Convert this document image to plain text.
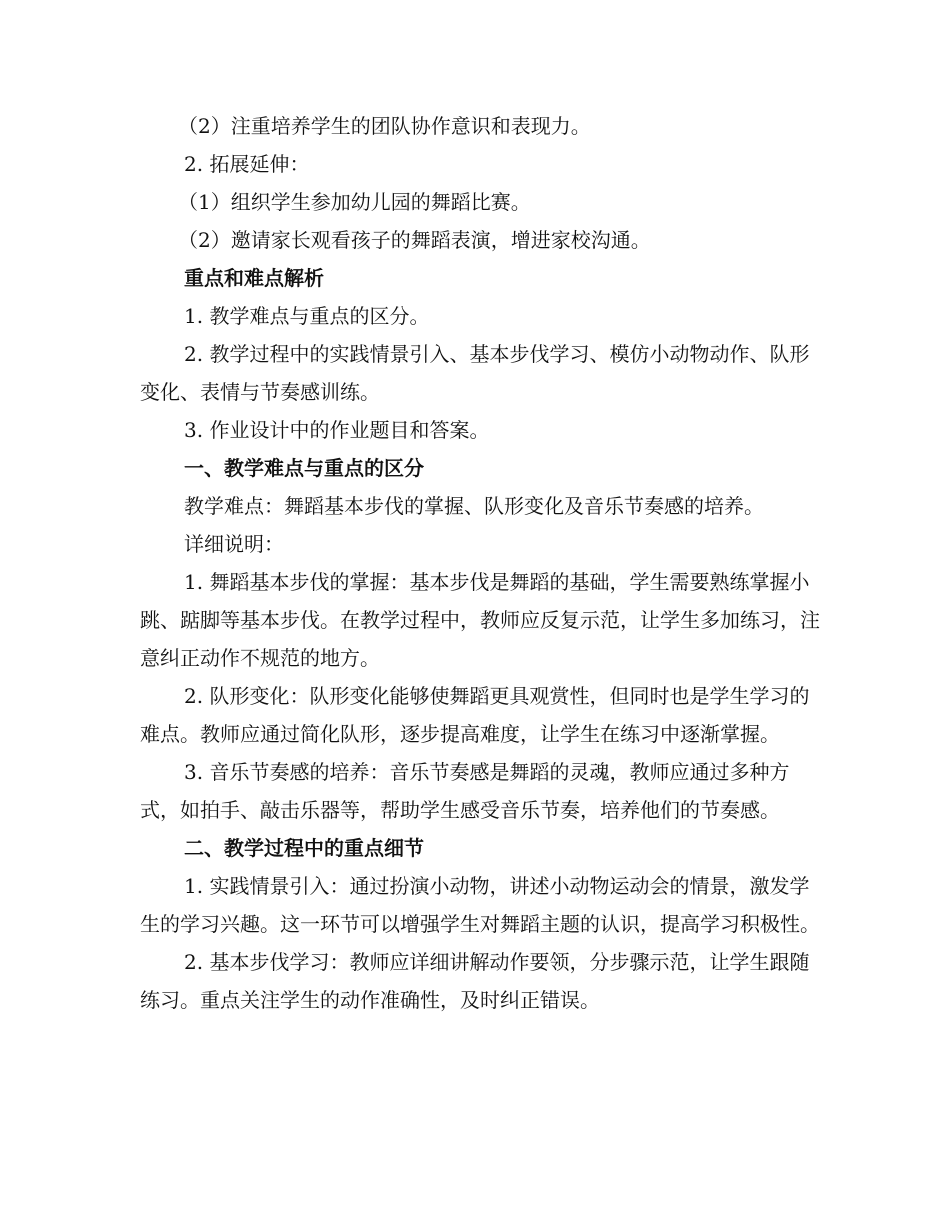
（2）注重培养学生的团队协作意识和表现力。

2. 拓展延伸：

（1）组织学生参加幼儿园的舞蹈比赛。

（2）邀请家长观看孩子的舞蹈表演，增进家校沟通。

重点和难点解析

1. 教学难点与重点的区分。

2. 教学过程中的实践情景引入、基本步伐学习、模仿小动物动作、队形变化、表情与节奏感训练。

3. 作业设计中的作业题目和答案。

一、教学难点与重点的区分

教学难点：舞蹈基本步伐的掌握、队形变化及音乐节奏感的培养。

详细说明：

1. 舞蹈基本步伐的掌握：基本步伐是舞蹈的基础，学生需要熟练掌握小跳、踮脚等基本步伐。在教学过程中，教师应反复示范，让学生多加练习，注意纠正动作不规范的地方。

2. 队形变化：队形变化能够使舞蹈更具观赏性，但同时也是学生学习的难点。教师应通过简化队形，逐步提高难度，让学生在练习中逐渐掌握。

3. 音乐节奏感的培养：音乐节奏感是舞蹈的灵魂，教师应通过多种方式，如拍手、敲击乐器等，帮助学生感受音乐节奏，培养他们的节奏感。

二、教学过程中的重点细节

1. 实践情景引入：通过扮演小动物，讲述小动物运动会的情景，激发学生的学习兴趣。这一环节可以增强学生对舞蹈主题的认识，提高学习积极性。

2. 基本步伐学习：教师应详细讲解动作要领，分步骤示范，让学生跟随练习。重点关注学生的动作准确性，及时纠正错误。
